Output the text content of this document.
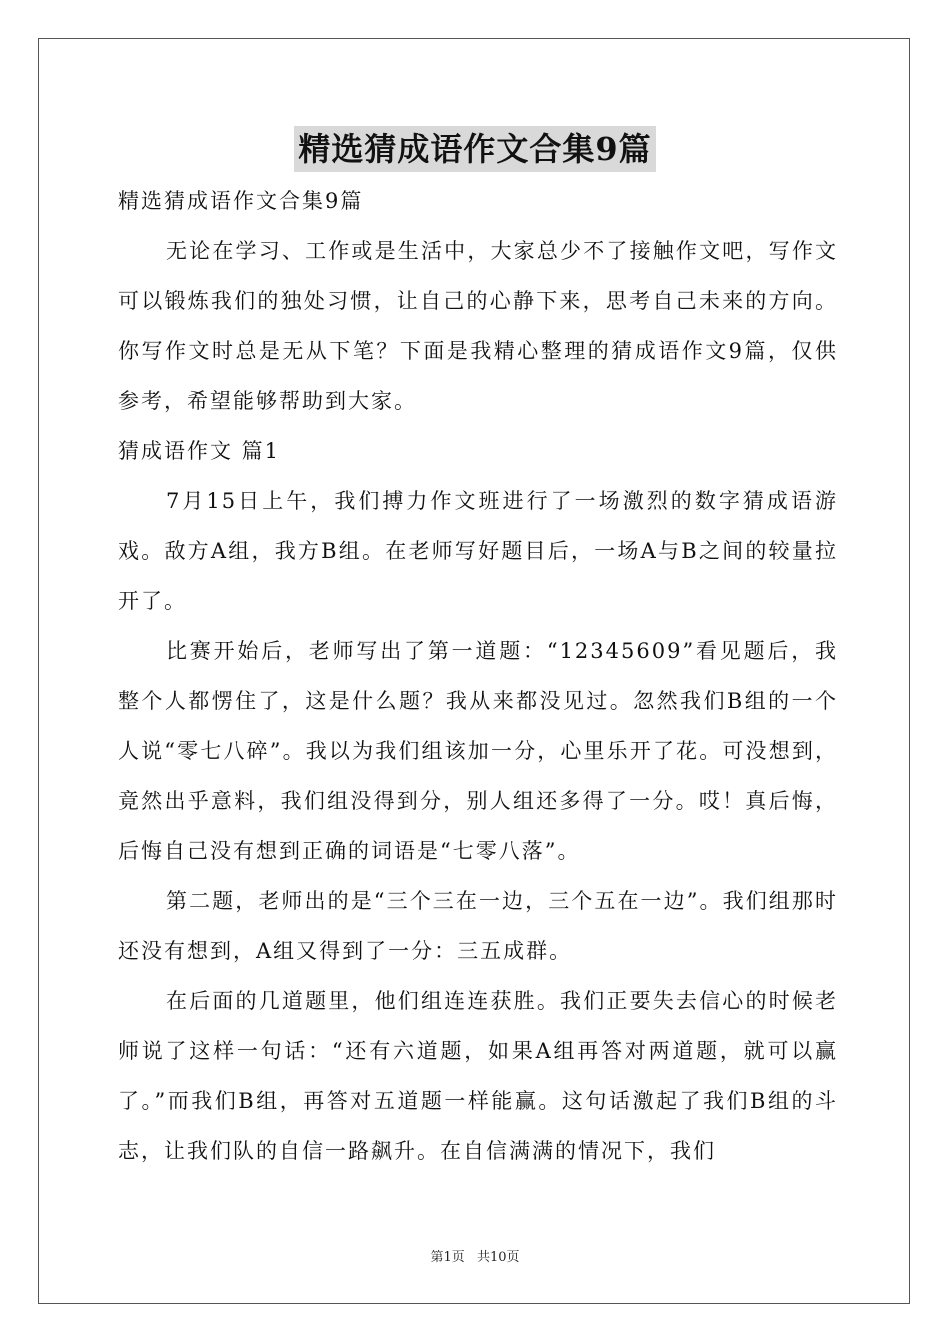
精选猜成语作文合集9篇
精选猜成语作文合集9篇
无论在学习、工作或是生活中，大家总少不了接触作文吧，写作文可以锻炼我们的独处习惯，让自己的心静下来，思考自己未来的方向。你写作文时总是无从下笔？下面是我精心整理的猜成语作文9篇，仅供参考，希望能够帮助到大家。
猜成语作文 篇1
7月15日上午，我们搏力作文班进行了一场激烈的数字猜成语游戏。敌方A组，我方B组。在老师写好题目后，一场A与B之间的较量拉开了。
比赛开始后，老师写出了第一道题：“12345609”看见题后，我整个人都愣住了，这是什么题？我从来都没见过。忽然我们B组的一个人说“零七八碎”。我以为我们组该加一分，心里乐开了花。可没想到，竟然出乎意料，我们组没得到分，别人组还多得了一分。哎！真后悔，后悔自己没有想到正确的词语是“七零八落”。
第二题，老师出的是“三个三在一边，三个五在一边”。我们组那时还没有想到，A组又得到了一分：三五成群。
在后面的几道题里，他们组连连获胜。我们正要失去信心的时候老师说了这样一句话：“还有六道题，如果A组再答对两道题，就可以赢了。”而我们B组，再答对五道题一样能赢。这句话激起了我们B组的斗志，让我们队的自信一路飙升。在自信满满的情况下，我们
第1页 共10页
